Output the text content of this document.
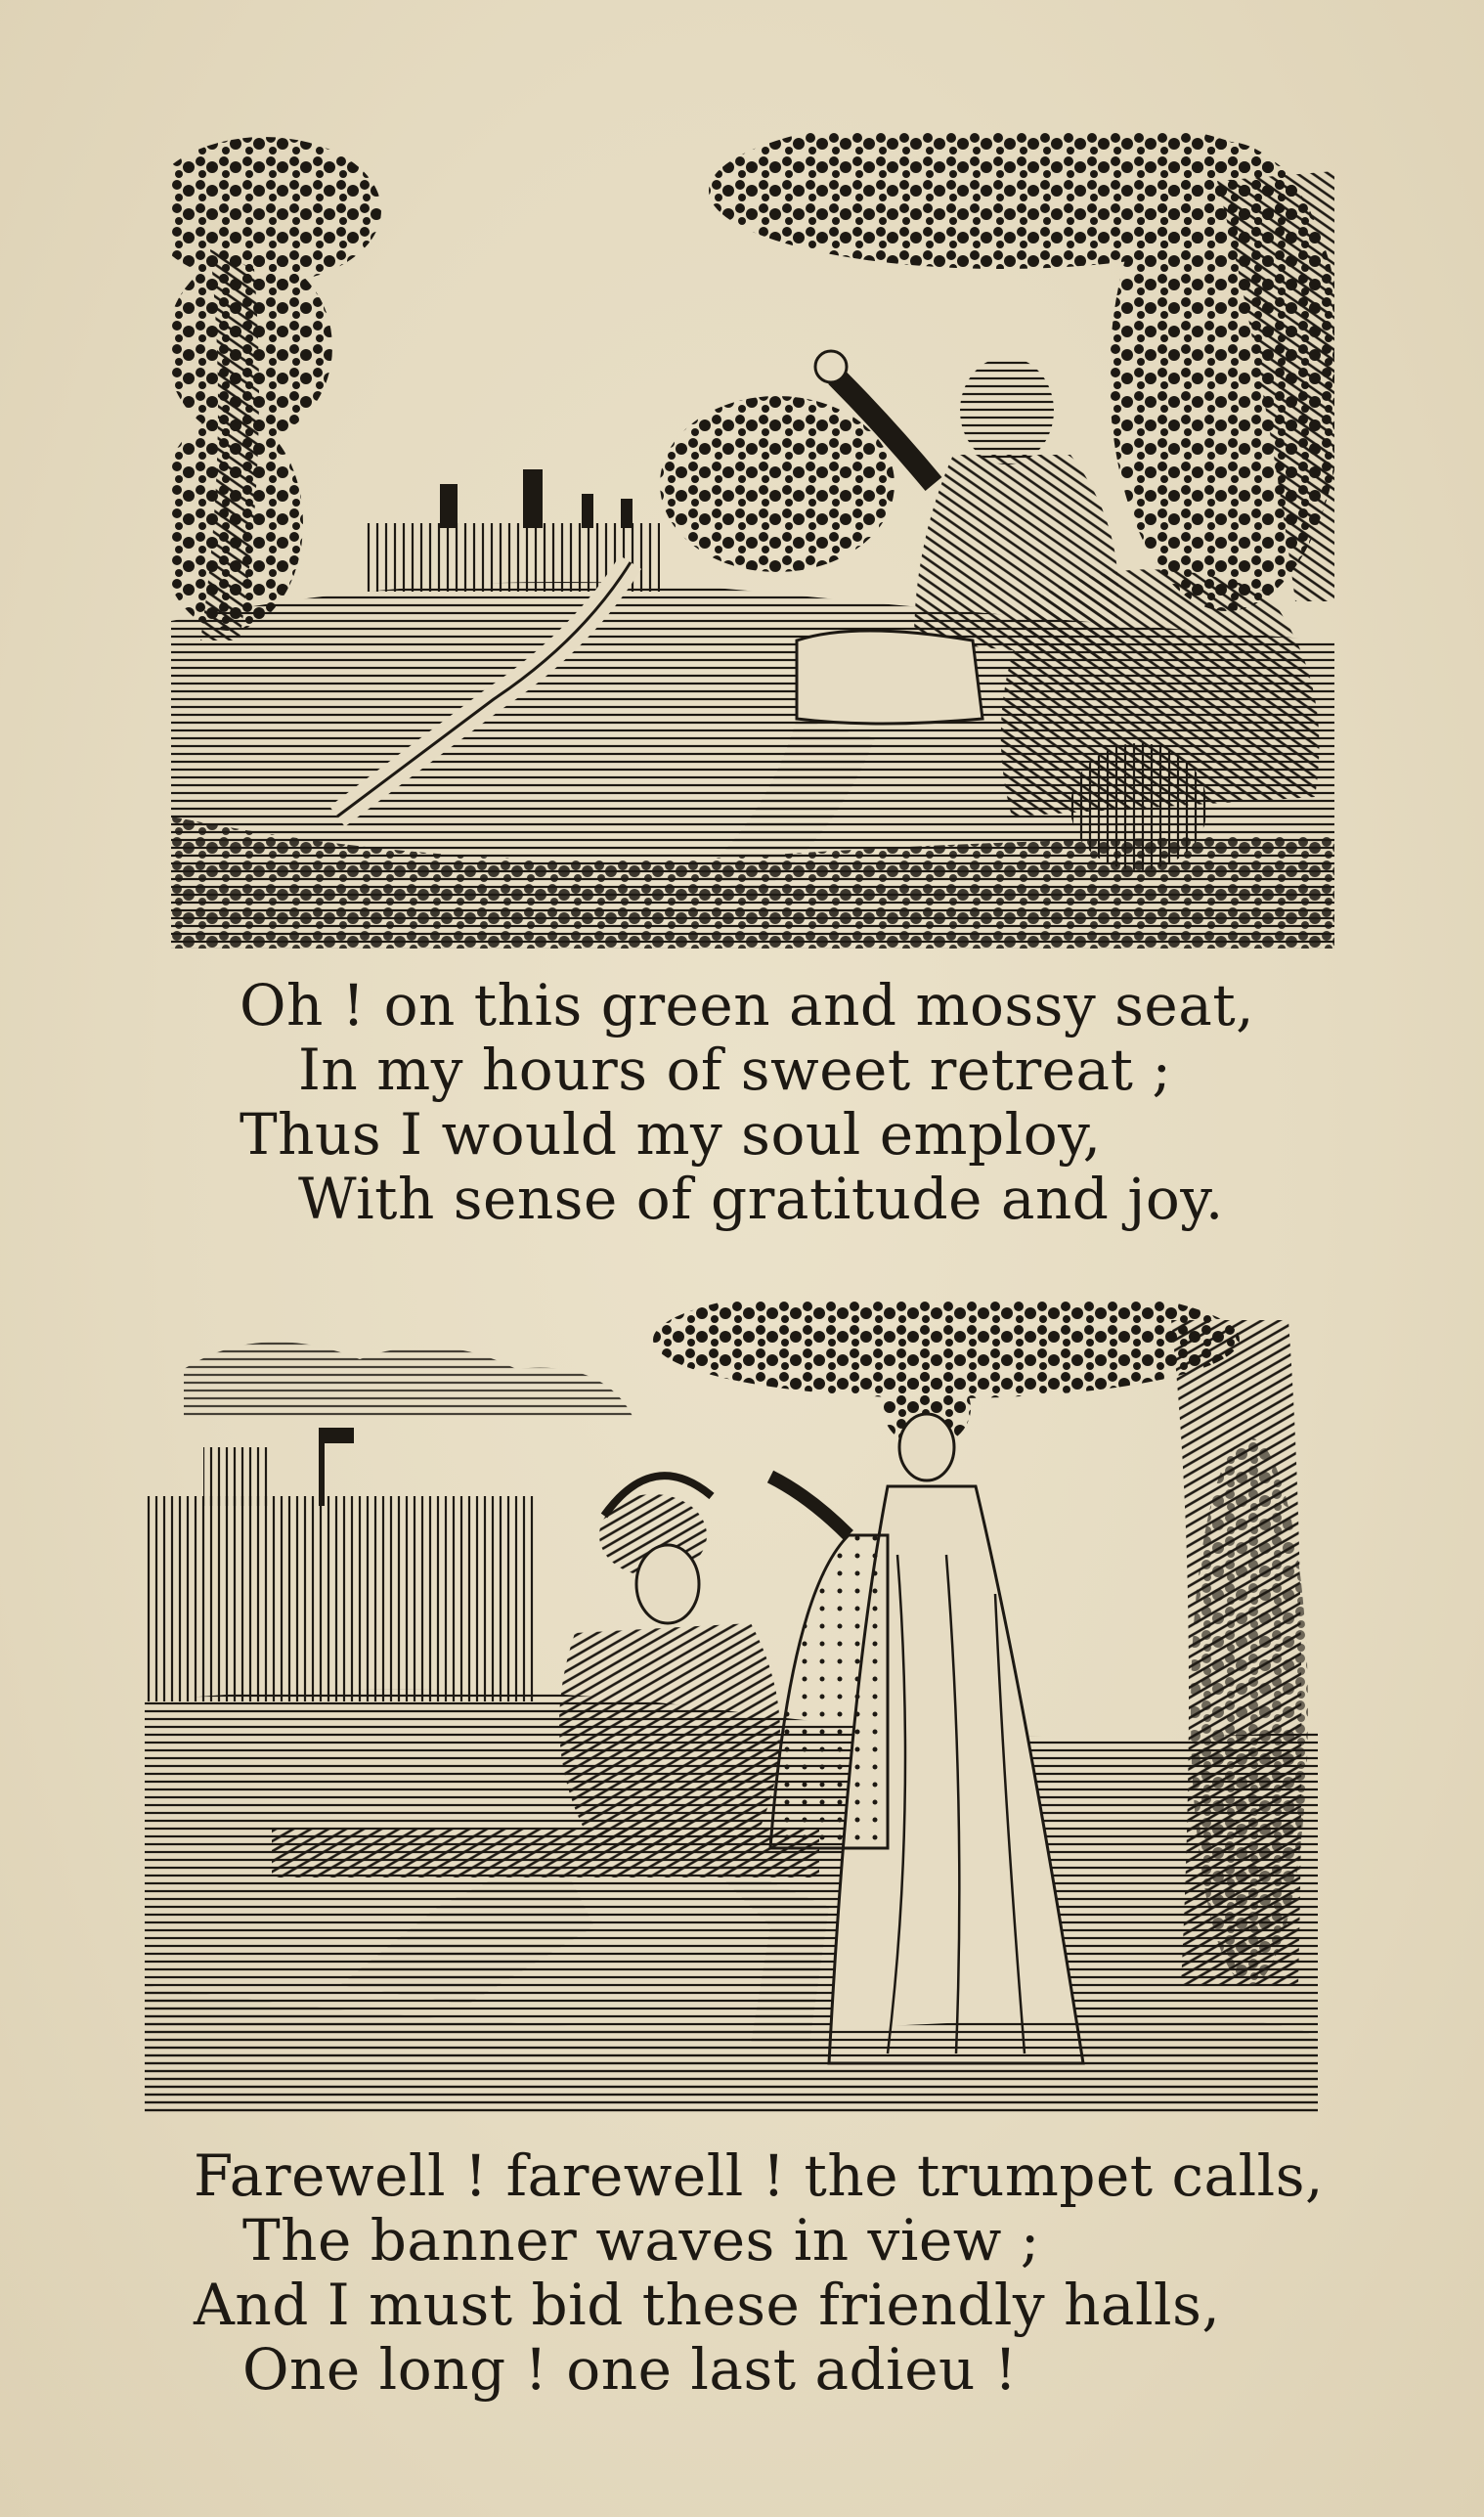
Oh ! on this green and mossy seat,
In my hours of sweet retreat ;
Thus I would my soul employ,
With sense of gratitude and joy.
Farewell ! farewell ! the trumpet calls,
The banner waves in view ;
And I must bid these friendly halls,
One long ! one last adieu !
